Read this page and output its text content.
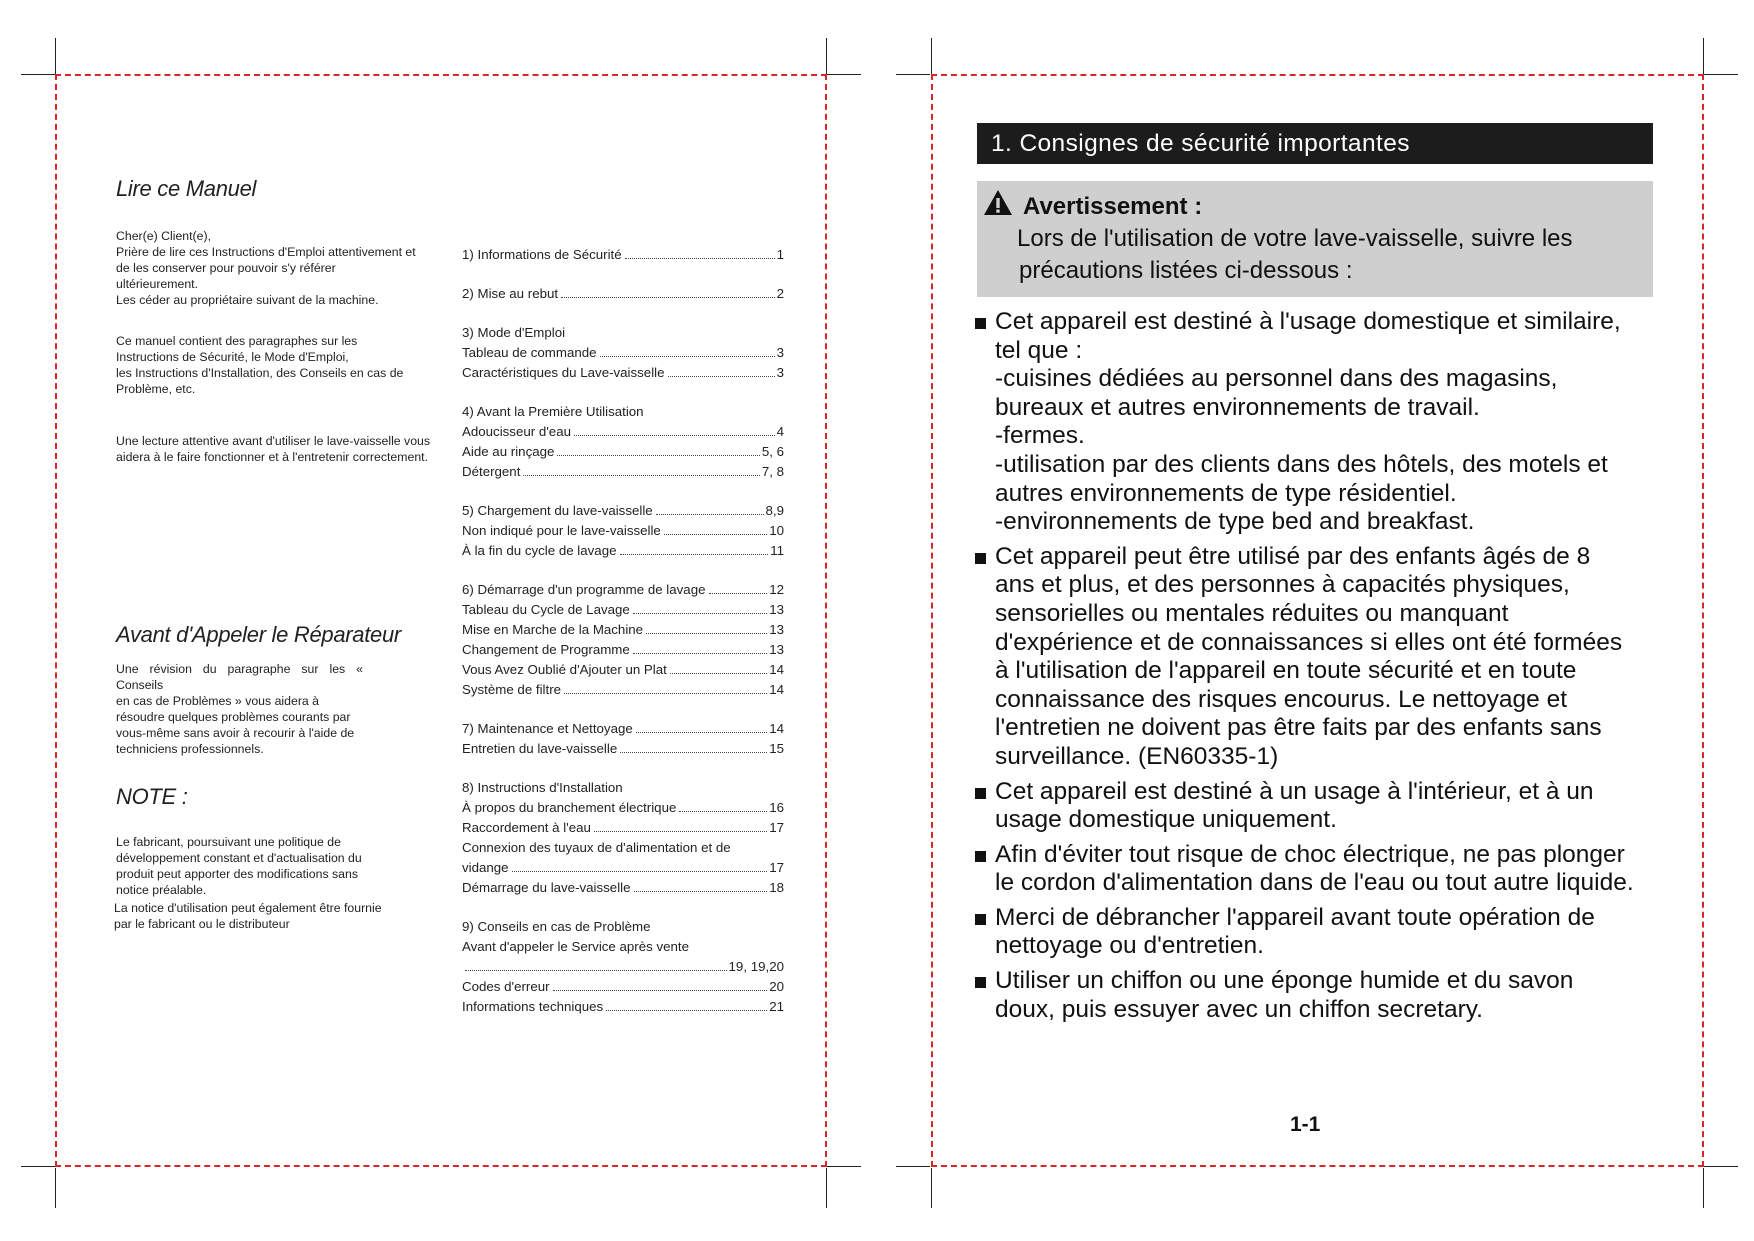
Lire ce Manuel
Cher(e) Client(e),
Prière de lire ces Instructions d'Emploi attentivement et
de les conserver pour pouvoir s'y référer
ultérieurement.
Les céder au propriétaire suivant de la machine.
Ce manuel contient des paragraphes sur les
Instructions de Sécurité, le Mode d'Emploi,
les Instructions d'Installation, des Conseils en cas de
Problème, etc.
Une lecture attentive avant d'utiliser le lave-vaisselle vous
aidera à le faire fonctionner et à l'entretenir correctement.
Avant d'Appeler le Réparateur
Une révision du paragraphe sur les « Conseils
en cas de Problèmes » vous aidera à
résoudre quelques problèmes courants par
vous-même sans avoir à recourir à l'aide de
techniciens professionnels.
NOTE :
Le fabricant, poursuivant une politique de
développement constant et d'actualisation du
produit peut apporter des modifications sans
notice préalable.
La notice d'utilisation peut également être fournie
par le fabricant ou le distributeur
1) Informations de Sécurité	1
2) Mise au rebut	2
3) Mode d'Emploi
Tableau de commande	3
Caractéristiques du Lave-vaisselle	3
4) Avant la Première Utilisation
Adoucisseur d'eau	4
Aide au rinçage	5, 6
Détergent	7, 8
5) Chargement du lave-vaisselle	8,9
Non indiqué pour le lave-vaisselle	10
À la fin du cycle de lavage	11
6) Démarrage d'un programme de lavage	12
Tableau du Cycle de Lavage	13
Mise en Marche de la Machine	13
Changement de Programme	13
Vous Avez Oublié d'Ajouter un Plat	14
Système de filtre	14
7) Maintenance et Nettoyage	14
Entretien du lave-vaisselle	15
8) Instructions d'Installation
À propos du branchement électrique	16
Raccordement à l'eau	17
Connexion des tuyaux de d'alimentation et de
vidange	17
Démarrage du lave-vaisselle	18
9) Conseils en cas de Problème
Avant d'appeler le Service après vente
19, 19,20
Codes d'erreur	20
Informations techniques	21
1. Consignes de sécurité importantes
Avertissement :
Lors de l'utilisation de votre lave-vaisselle, suivre les
précautions listées ci-dessous :
Cet appareil est destiné à l'usage domestique et similaire,
tel que :
-cuisines dédiées au personnel dans des magasins,
bureaux et autres environnements de travail.
-fermes.
-utilisation par des clients dans des hôtels, des motels et
autres environnements de type résidentiel.
-environnements de type bed and breakfast.
Cet appareil peut être utilisé par des enfants âgés de 8
ans et plus, et des personnes à capacités physiques,
sensorielles ou mentales réduites ou manquant
d'expérience et de connaissances si elles ont été formées
à l'utilisation de l'appareil en toute sécurité et en toute
connaissance des risques encourus. Le nettoyage et
l'entretien ne doivent pas être faits par des enfants sans
surveillance. (EN60335-1)
Cet appareil est destiné à un usage à l'intérieur, et à un
usage domestique uniquement.
Afin d'éviter tout risque de choc électrique, ne pas plonger
le cordon d'alimentation dans de l'eau ou tout autre liquide.
Merci de débrancher l'appareil avant toute opération de
nettoyage ou d'entretien.
Utiliser un chiffon ou une éponge humide et du savon
doux, puis essuyer avec un chiffon secretary.
1-1
